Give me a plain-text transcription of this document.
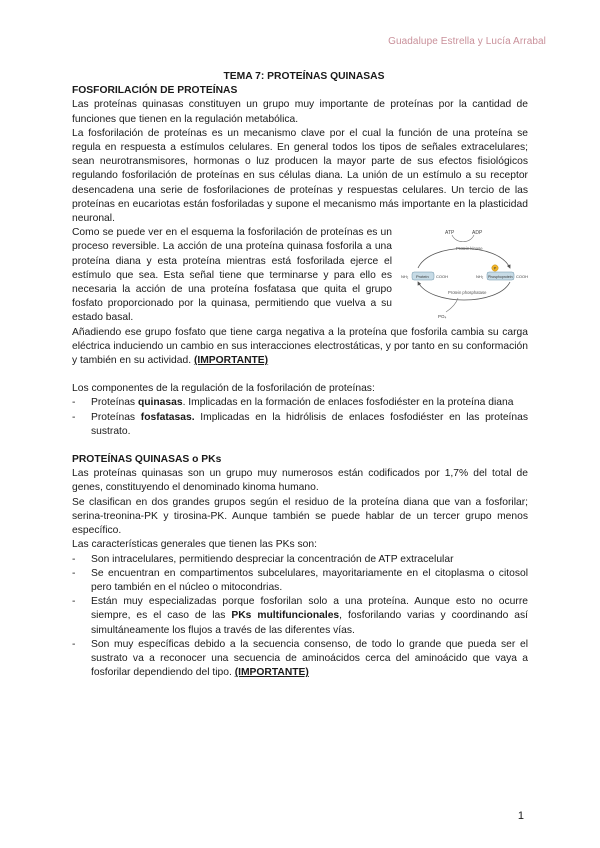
Guadalupe Estrella y Lucía Arrabal

TEMA 7: PROTEÍNAS QUINASAS

FOSFORILACIÓN DE PROTEÍNAS

Las proteínas quinasas constituyen un grupo muy importante de proteínas por la cantidad de funciones que tienen en la regulación metabólica.

La fosforilación de proteínas es un mecanismo clave por el cual la función de una proteína se regula en respuesta a estímulos celulares. En general todos los tipos de señales extracelulares; sean neurotransmisores, hormonas o luz producen la mayor parte de sus efectos fisiológicos regulando fosforilación de proteínas en sus células diana. La unión de un estímulo a su receptor desencadena una serie de fosforilaciones de proteínas y respuestas celulares. Un tercio de las proteínas en eucariotas están fosforiladas y supone el mecanismo más importante en la plasticidad neuronal.

ATP	ADP
Protein kinase
NH₂ Protein COOH	NH₂ Phosphoprotein COOH
P
Protein phosphatase
PO₄

Como se puede ver en el esquema la fosforilación de proteínas es un proceso reversible. La acción de una proteína quinasa fosforila a una proteína diana y esta proteína mientras está fosforilada ejerce el estímulo que sea. Esta señal tiene que terminarse y para ello es necesaria la acción de una proteína fosfatasa que quita el grupo fosfato proporcionado por la quinasa, permitiendo que vuelva a su estado basal.

Añadiendo ese grupo fosfato que tiene carga negativa a la proteína que fosforila cambia su carga eléctrica induciendo un cambio en sus interacciones electrostáticas, y por tanto en su conformación y también en su actividad. (IMPORTANTE)

Los componentes de la regulación de la fosforilación de proteínas:

- Proteínas quinasas. Implicadas en la formación de enlaces fosfodiéster en la proteína diana
- Proteínas fosfatasas. Implicadas en la hidrólisis de enlaces fosfodiéster en las proteínas sustrato.

PROTEÍNAS QUINASAS o PKs

Las proteínas quinasas son un grupo muy numerosos están codificados por 1,7% del total de genes, constituyendo el denominado kinoma humano.

Se clasifican en dos grandes grupos según el residuo de la proteína diana que van a fosforilar; serina-treonina-PK y tirosina-PK. Aunque también se puede hablar de un tercer grupo menos específico.

Las características generales que tienen las PKs son:

- Son intracelulares, permitiendo despreciar la concentración de ATP extracelular
- Se encuentran en compartimentos subcelulares, mayoritariamente en el citoplasma o citosol pero también en el núcleo o mitocondrias.
- Están muy especializadas porque fosforilan solo a una proteína. Aunque esto no ocurre siempre, es el caso de las PKs multifuncionales, fosforilando varias y coordinando así simultáneamente los flujos a través de las diferentes vías.
- Son muy específicas debido a la secuencia consenso, de todo lo grande que pueda ser el sustrato va a reconocer una secuencia de aminoácidos cerca del aminoácido que vaya a fosforilar dependiendo del tipo. (IMPORTANTE)
1
